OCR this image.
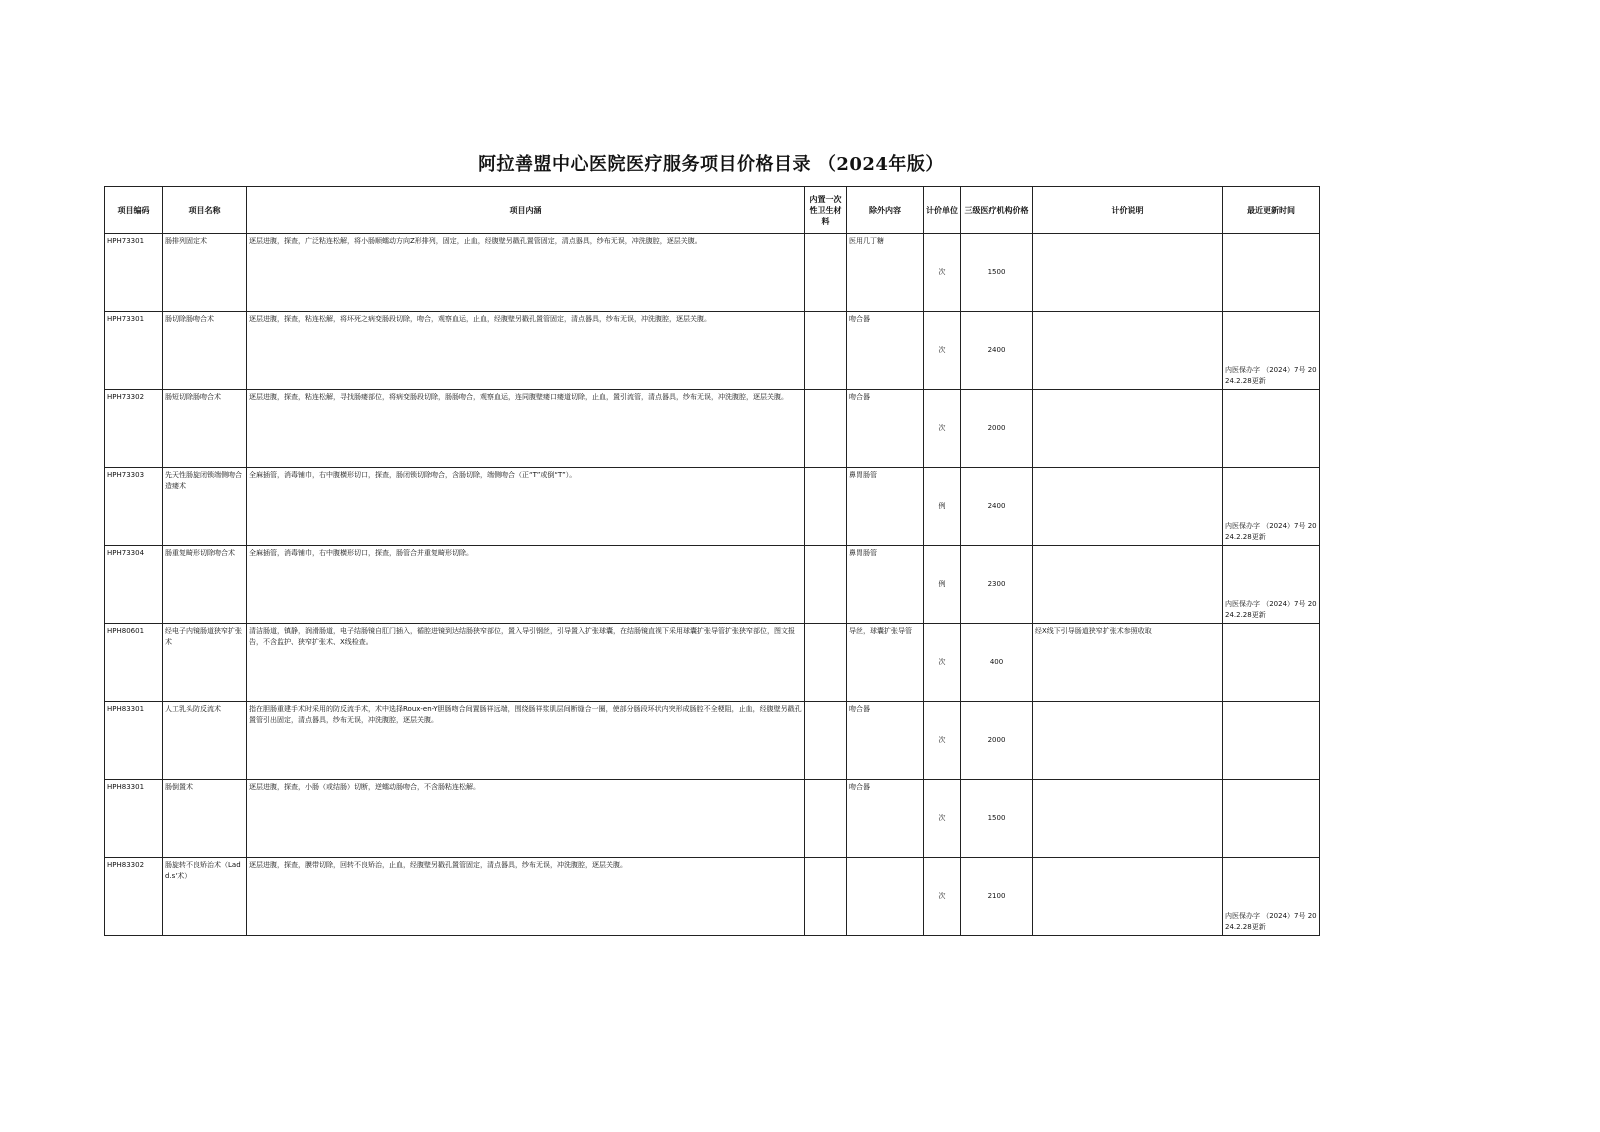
阿拉善盟中心医院医疗服务项目价格目录 （2024年版）
项目编码	项目名称	项目内涵	内置一次性卫生材料	除外内容	计价单位	三级医疗机构价格	计价说明	最近更新时间
HPH73301	肠排列固定术	逐层进腹，探查，广泛粘连松解，将小肠顺蠕动方向Z形排列，固定，止血，经腹壁另戳孔置管固定，清点器具，纱布无误，冲洗腹腔，逐层关腹。		医用几丁糖	次	1500		
HPH73301	肠切除肠吻合术	逐层进腹，探查，粘连松解，将坏死之病变肠段切除，吻合，观察血运，止血，经腹壁另戳孔置管固定，清点器具，纱布无误，冲洗腹腔，逐层关腹。		吻合器	次	2400		内医保办字 （2024）7号 2024.2.28更新
HPH73302	肠短切除肠吻合术	逐层进腹，探查，粘连松解，寻找肠瘘部位，将病变肠段切除，肠肠吻合，观察血运，连同腹壁瘘口瘘道切除，止血，置引流管，清点器具，纱布无误，冲洗腹腔，逐层关腹。		吻合器	次	2000		
HPH73303	先天性肠旋闭锁端侧吻合造瘘术	全麻插管，消毒铺巾，右中腹横形切口，探查，肠闭锁切除吻合，含肠切除，端侧吻合（正“T”或倒“T”）。		鼻胃肠管	例	2400		内医保办字 （2024）7号 2024.2.28更新
HPH73304	肠重复畸形切除吻合术	全麻插管，消毒铺巾，右中腹横形切口，探查，肠管合并重复畸形切除。		鼻胃肠管	例	2300		内医保办字 （2024）7号 2024.2.28更新
HPH80601	经电子内镜肠道狭窄扩张术	清洁肠道，镇静，润滑肠道，电子结肠镜自肛门插入，循腔进镜到达结肠狭窄部位，置入导引钢丝，引导置入扩张球囊，在结肠镜直视下采用球囊扩张导管扩张狭窄部位，图文报告，不含监护、狭窄扩张术、X线检查。		导丝，球囊扩张导管	次	400	经X线下引导肠道狭窄扩张术参照收取	
HPH83301	人工乳头防反流术	指在胆肠重建手术时采用的防反流手术，术中选择Roux-en-Y胆肠吻合间置肠祥远端，围绕肠祥浆肌层间断缝合一圈，使部分肠段环状内突形成肠腔不全梗阻，止血，经腹壁另戳孔置管引出固定，清点器具，纱布无误，冲洗腹腔，逐层关腹。		吻合器	次	2000		
HPH83301	肠倒置术	逐层进腹，探查，小肠（或结肠）切断，逆蠕动肠吻合，不含肠粘连松解。		吻合器	次	1500		
HPH83302	肠旋转不良矫治术（Ladd.s'术）	逐层进腹，探查，膜带切除，回转不良矫治，止血，经腹壁另戳孔置管固定，清点器具，纱布无误，冲洗腹腔，逐层关腹。			次	2100		内医保办字 （2024）7号 2024.2.28更新
